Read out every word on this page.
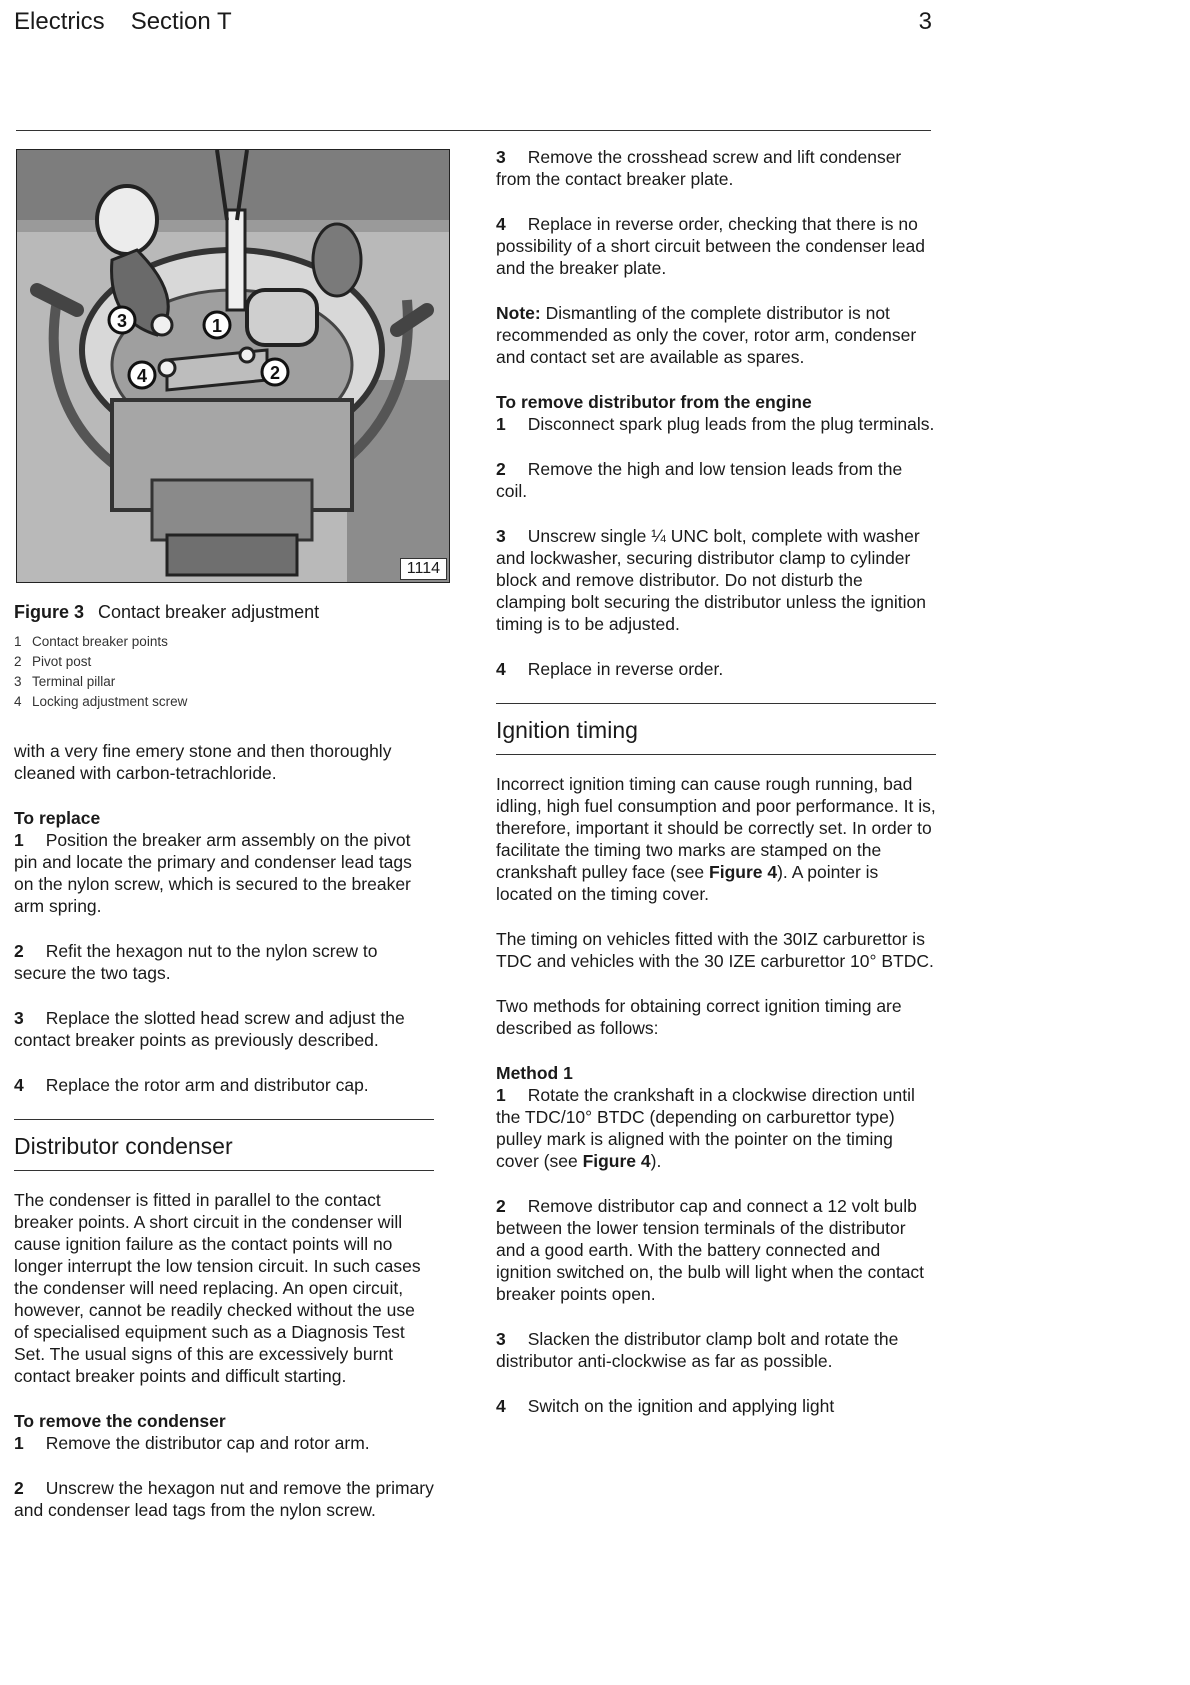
Electrics Section T	3
3	1
4	2
1114

Figure 3 Contact breaker adjustment

1 Contact breaker points
2 Pivot post
3 Terminal pillar
4 Locking adjustment screw

with a very fine emery stone and then thoroughly cleaned with carbon-tetrachloride.

To replace

1 Position the breaker arm assembly on the pivot pin and locate the primary and condenser lead tags on the nylon screw, which is secured to the breaker arm spring.

2 Refit the hexagon nut to the nylon screw to secure the two tags.

3 Replace the slotted head screw and adjust the contact breaker points as previously described.

4 Replace the rotor arm and distributor cap.

Distributor condenser

The condenser is fitted in parallel to the contact breaker points. A short circuit in the condenser will cause ignition failure as the contact points will no longer interrupt the low tension circuit. In such cases the condenser will need replacing. An open circuit, however, cannot be readily checked without the use of specialised equipment such as a Diagnosis Test Set. The usual signs of this are excessively burnt contact breaker points and difficult starting.

To remove the condenser

1 Remove the distributor cap and rotor arm.

2 Unscrew the hexagon nut and remove the primary and condenser lead tags from the nylon screw.

3 Remove the crosshead screw and lift condenser from the contact breaker plate.

4 Replace in reverse order, checking that there is no possibility of a short circuit between the condenser lead and the breaker plate.

Note: Dismantling of the complete distributor is not recommended as only the cover, rotor arm, condenser and contact set are available as spares.

To remove distributor from the engine

1 Disconnect spark plug leads from the plug terminals.

2 Remove the high and low tension leads from the coil.

3 Unscrew single ¼ UNC bolt, complete with washer and lockwasher, securing distributor clamp to cylinder block and remove distributor. Do not disturb the clamping bolt securing the distributor unless the ignition timing is to be adjusted.

4 Replace in reverse order.

Ignition timing

Incorrect ignition timing can cause rough running, bad idling, high fuel consumption and poor performance. It is, therefore, important it should be correctly set. In order to facilitate the timing two marks are stamped on the crankshaft pulley face (see Figure 4). A pointer is located on the timing cover.

The timing on vehicles fitted with the 30IZ carburettor is TDC and vehicles with the 30 IZE carburettor 10° BTDC.

Two methods for obtaining correct ignition timing are described as follows:

Method 1

1 Rotate the crankshaft in a clockwise direction until the TDC/10° BTDC (depending on carburettor type) pulley mark is aligned with the pointer on the timing cover (see Figure 4).

2 Remove distributor cap and connect a 12 volt bulb between the lower tension terminals of the distributor and a good earth. With the battery connected and ignition switched on, the bulb will light when the contact breaker points open.

3 Slacken the distributor clamp bolt and rotate the distributor anti-clockwise as far as possible.

4 Switch on the ignition and applying light
